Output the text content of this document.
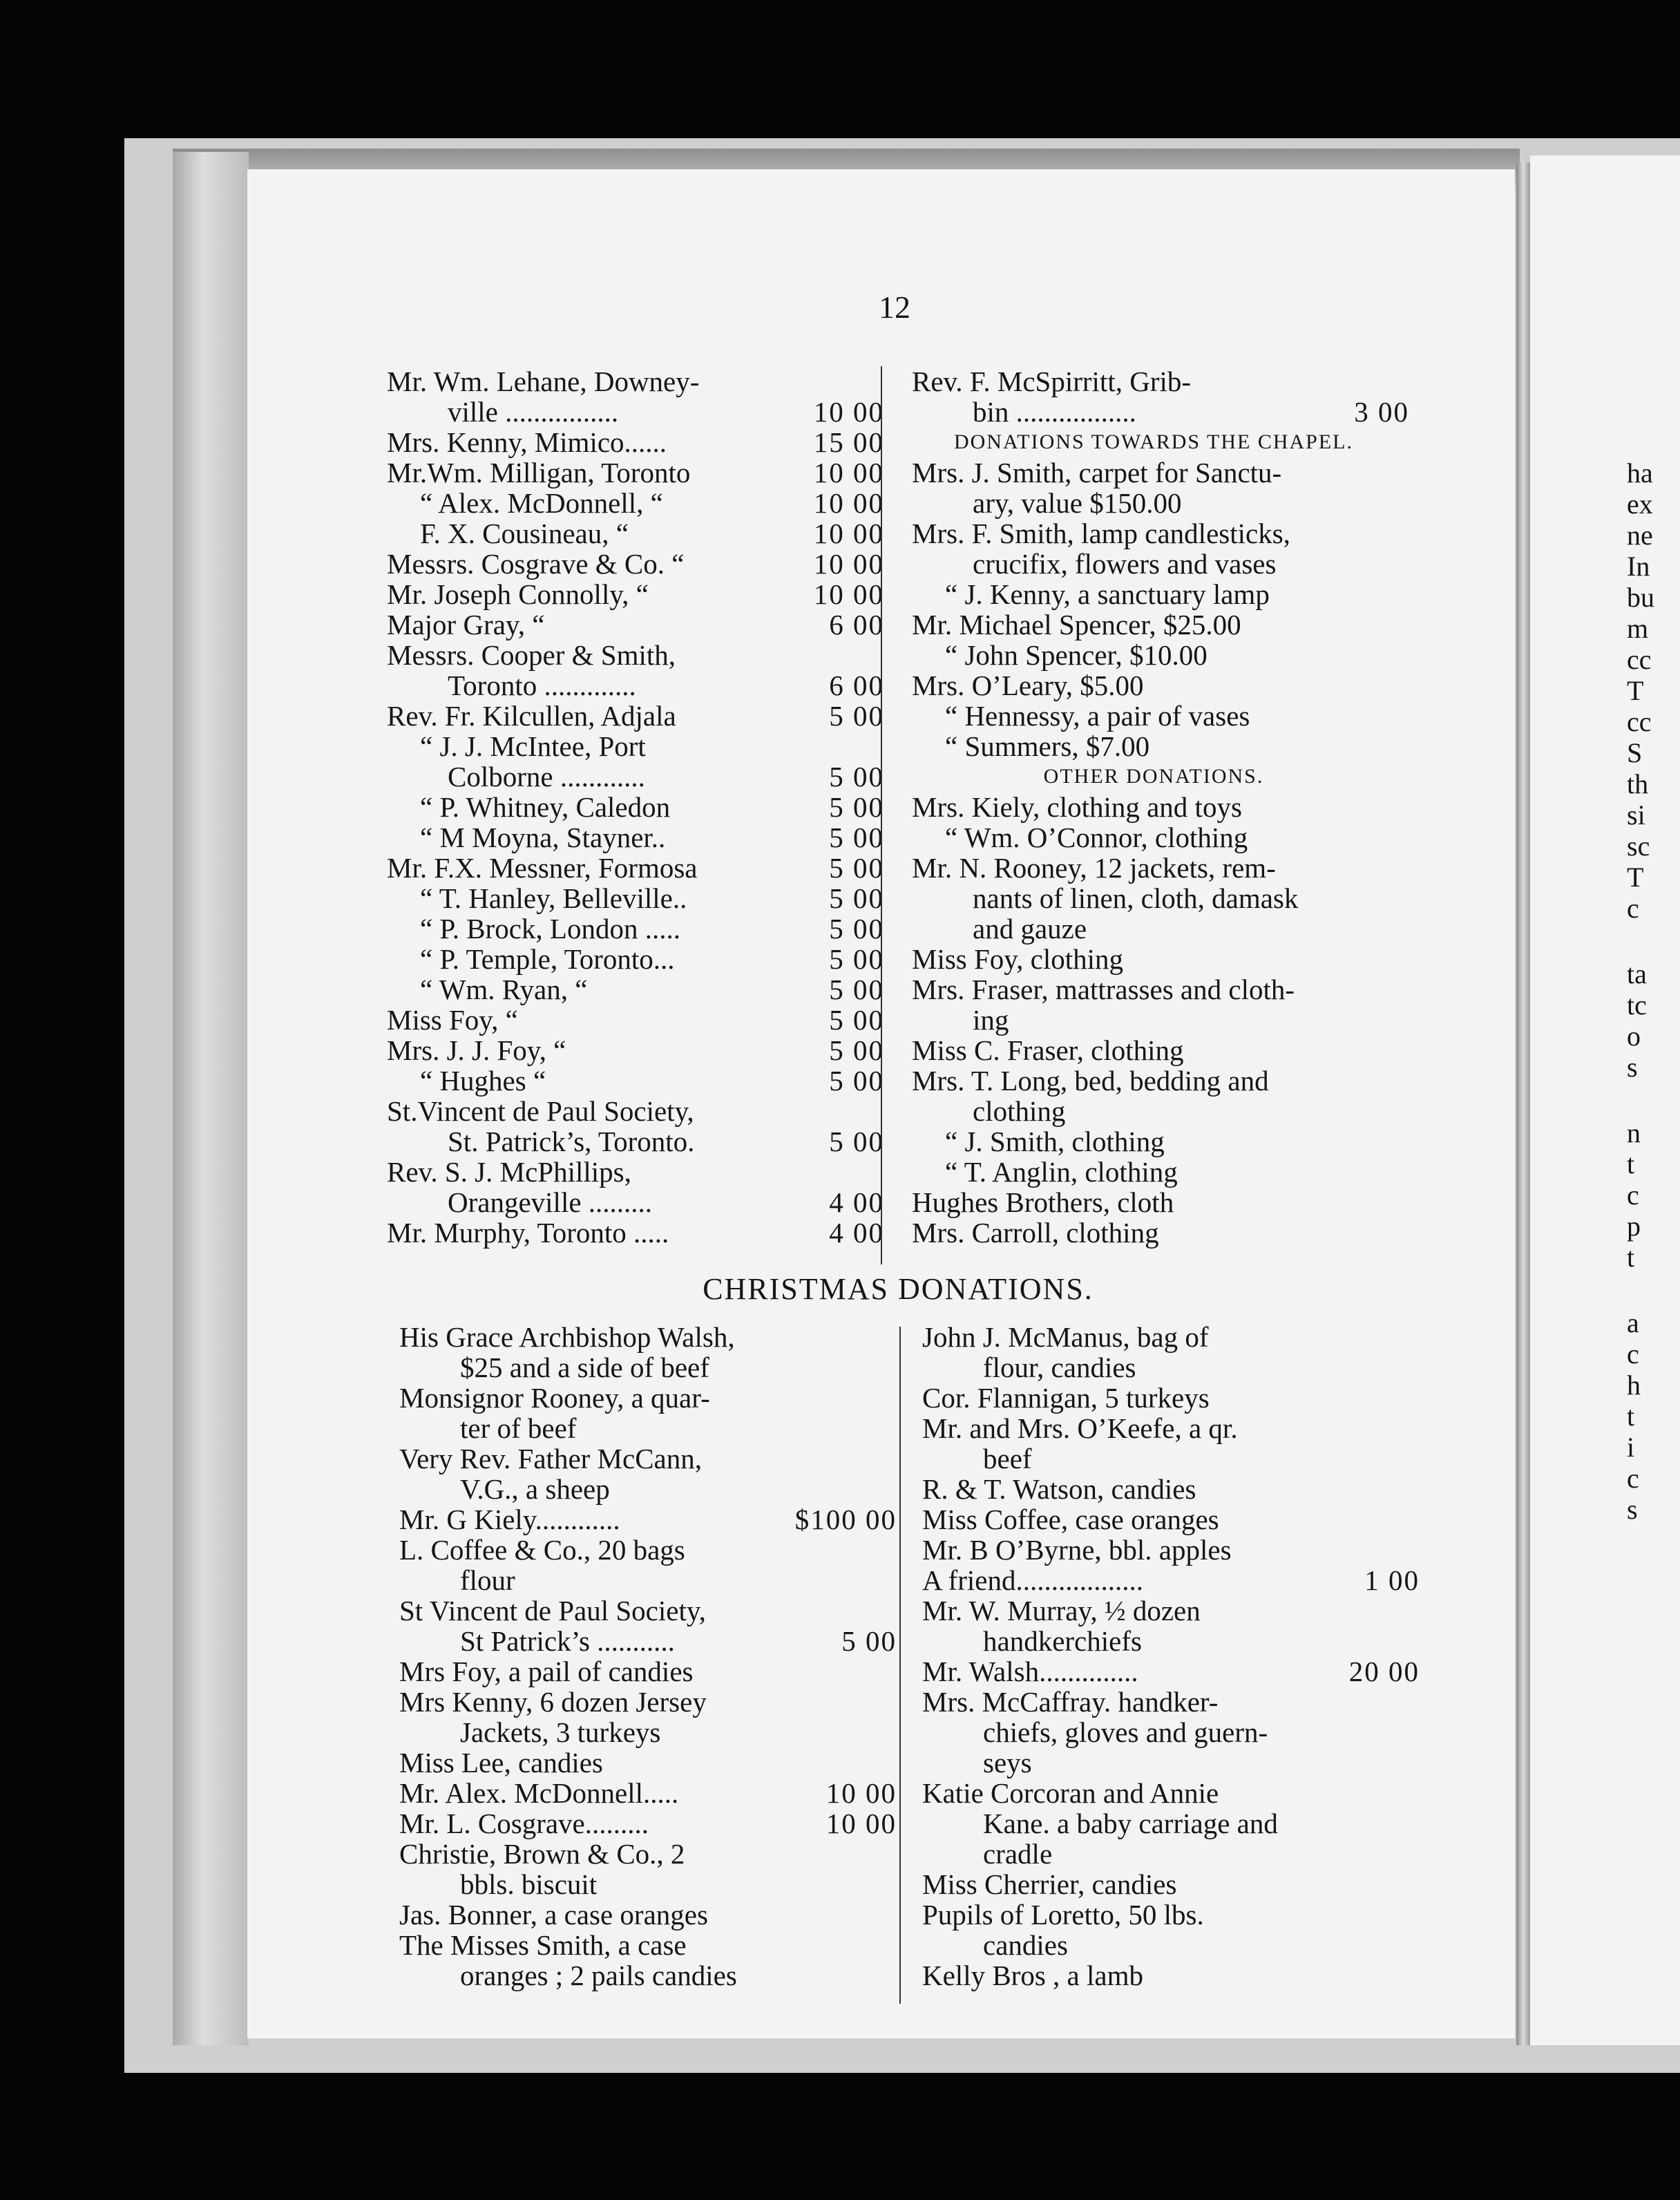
ha
ex
ne
In
bu
m
cc
T
cc
S
th
si
sc
T
c
ta
tc
o
s
n
t
c
p
t
a
c
h
t
i
c
s
12
Mr. Wm. Lehane, Downey-
ville ................	10 00
Mrs. Kenny, Mimico......	15 00
Mr.Wm. Milligan, Toronto	10 00
“ Alex. McDonnell, “	10 00
F. X. Cousineau, “	10 00
Messrs. Cosgrave & Co. “	10 00
Mr. Joseph Connolly, “	10 00
Major Gray, “	6 00
Messrs. Cooper & Smith,
Toronto .............	6 00
Rev. Fr. Kilcullen, Adjala	5 00
“ J. J. McIntee, Port
Colborne ............	5 00
“ P. Whitney, Caledon	5 00
“ M Moyna, Stayner..	5 00
Mr. F.X. Messner, Formosa	5 00
“ T. Hanley, Belleville..	5 00
“ P. Brock, London .....	5 00
“ P. Temple, Toronto...	5 00
“ Wm. Ryan, “	5 00
Miss Foy, “	5 00
Mrs. J. J. Foy, “	5 00
“ Hughes “	5 00
St.Vincent de Paul Society,
St. Patrick’s, Toronto.	5 00
Rev. S. J. McPhillips,
Orangeville .........	4 00
Mr. Murphy, Toronto .....	4 00
Rev. F. McSpirritt, Grib-
bin .................	3 00
DONATIONS TOWARDS THE CHAPEL.
Mrs. J. Smith, carpet for Sanctu-
ary, value $150.00
Mrs. F. Smith, lamp candlesticks,
crucifix, flowers and vases
“ J. Kenny, a sanctuary lamp
Mr. Michael Spencer, $25.00
“ John Spencer, $10.00
Mrs. O’Leary, $5.00
“ Hennessy, a pair of vases
“ Summers, $7.00
OTHER DONATIONS.
Mrs. Kiely, clothing and toys
“ Wm. O’Connor, clothing
Mr. N. Rooney, 12 jackets, rem-
nants of linen, cloth, damask
and gauze
Miss Foy, clothing
Mrs. Fraser, mattrasses and cloth-
ing
Miss C. Fraser, clothing
Mrs. T. Long, bed, bedding and
clothing
“ J. Smith, clothing
“ T. Anglin, clothing
Hughes Brothers, cloth
Mrs. Carroll, clothing
CHRISTMAS DONATIONS.
His Grace Archbishop Walsh,
$25 and a side of beef
Monsignor Rooney, a quar-
ter of beef
Very Rev. Father McCann,
V.G., a sheep
Mr. G Kiely............	$100 00
L. Coffee & Co., 20 bags
flour
St Vincent de Paul Society,
St Patrick’s ...........	5 00
Mrs Foy, a pail of candies
Mrs Kenny, 6 dozen Jersey
Jackets, 3 turkeys
Miss Lee, candies
Mr. Alex. McDonnell.....	10 00
Mr. L. Cosgrave.........	10 00
Christie, Brown & Co., 2
bbls. biscuit
Jas. Bonner, a case oranges
The Misses Smith, a case
oranges ; 2 pails candies
John J. McManus, bag of
flour, candies
Cor. Flannigan, 5 turkeys
Mr. and Mrs. O’Keefe, a qr.
beef
R. & T. Watson, candies
Miss Coffee, case oranges
Mr. B O’Byrne, bbl. apples
A friend..................	1 00
Mr. W. Murray, ½ dozen
handkerchiefs
Mr. Walsh..............	20 00
Mrs. McCaffray. handker-
chiefs, gloves and guern-
seys
Katie Corcoran and Annie
Kane. a baby carriage and
cradle
Miss Cherrier, candies
Pupils of Loretto, 50 lbs.
candies
Kelly Bros , a lamb
